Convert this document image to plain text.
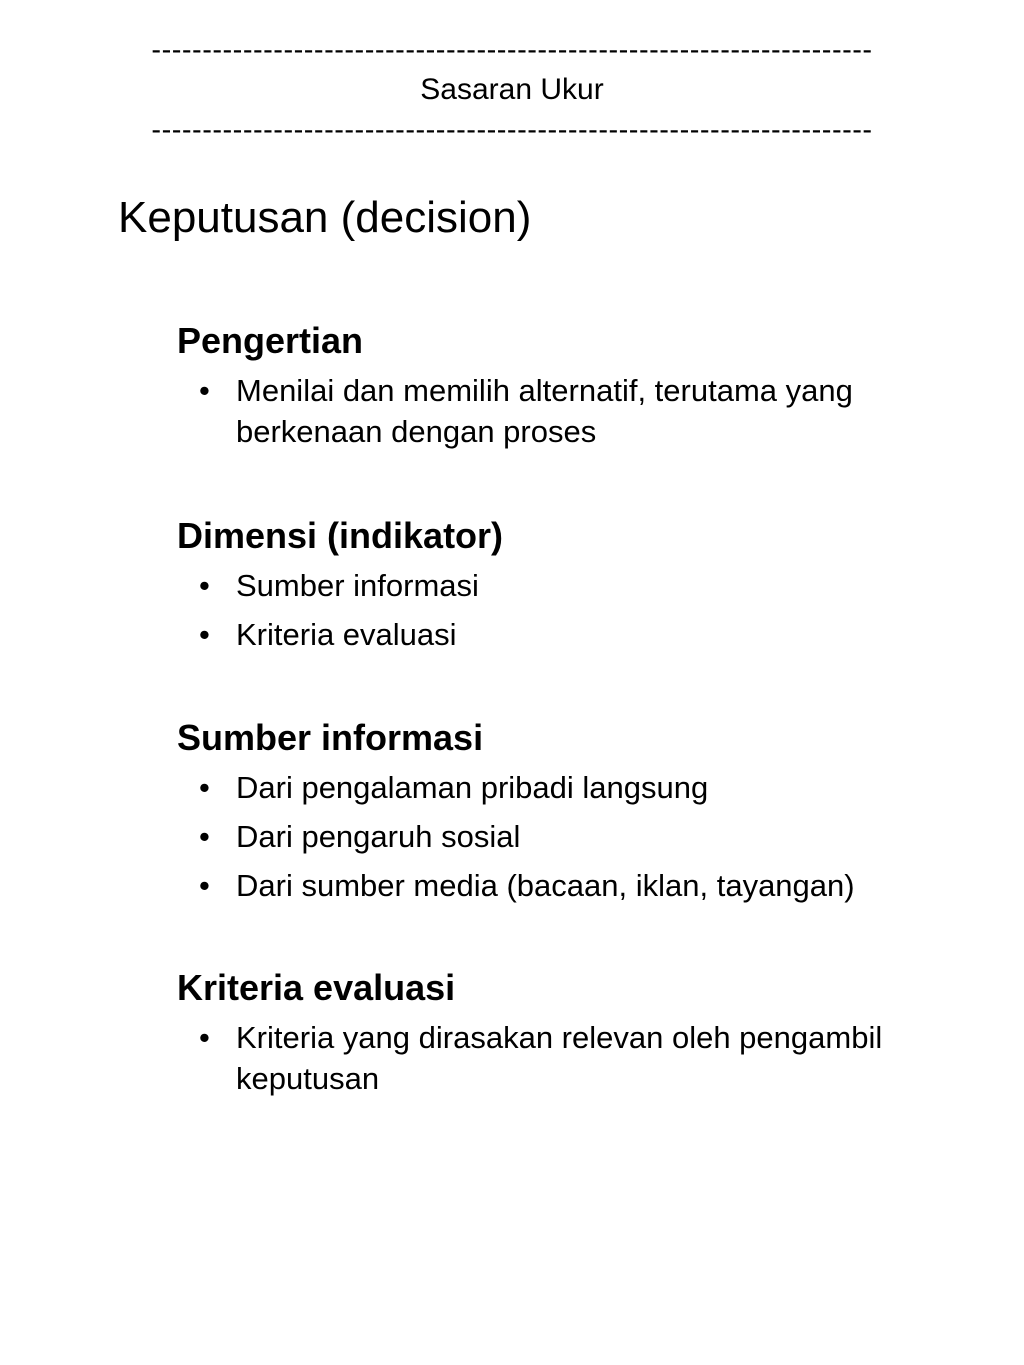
-----------------------------------------------------------------------
Sasaran Ukur
-----------------------------------------------------------------------
Keputusan (decision)
Pengertian
• Menilai dan memilih alternatif, terutama yang berkenaan dengan proses
Dimensi (indikator)
• Sumber informasi
• Kriteria evaluasi
Sumber informasi
• Dari pengalaman pribadi langsung
• Dari pengaruh sosial
• Dari sumber media (bacaan, iklan, tayangan)
Kriteria evaluasi
• Kriteria yang dirasakan relevan oleh pengambil keputusan
